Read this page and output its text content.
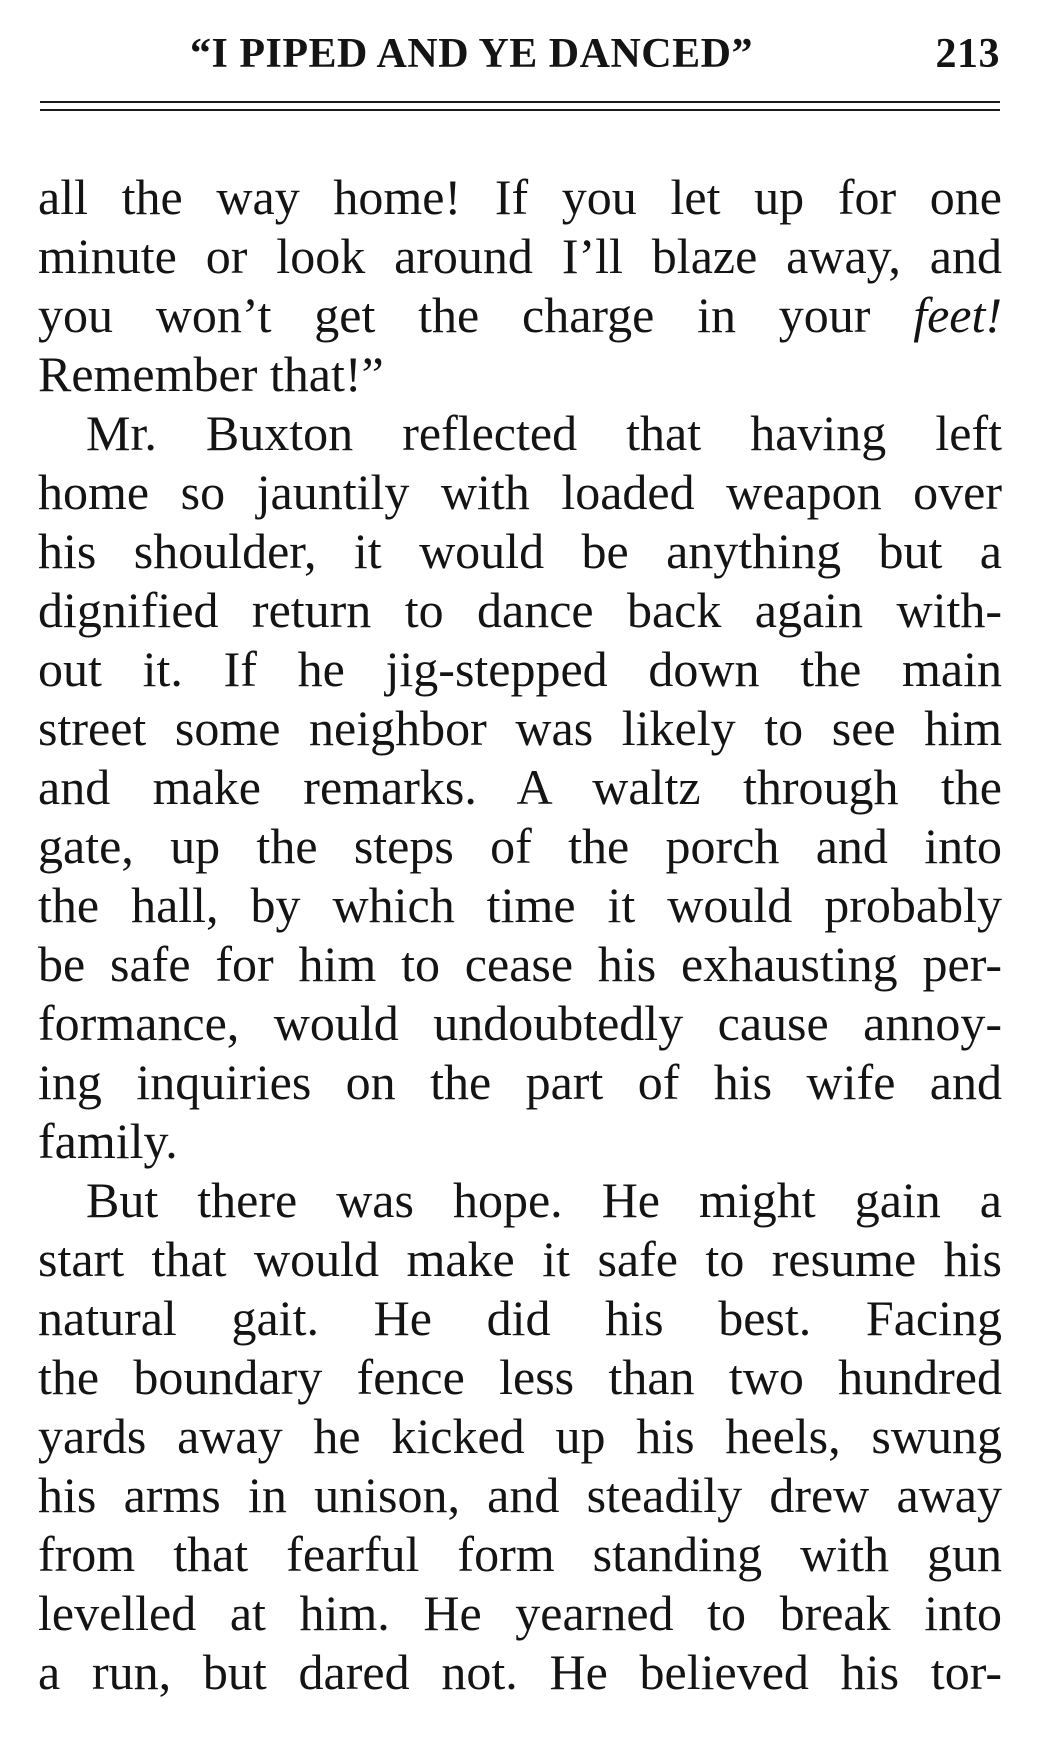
“I PIPED AND YE DANCED”	213
all the way home! If you let up for one
minute or look around I’ll blaze away, and
you won’t get the charge in your feet!
Remember that!”
Mr. Buxton reflected that having left
home so jauntily with loaded weapon over
his shoulder, it would be anything but a
dignified return to dance back again with-
out it. If he jig-stepped down the main
street some neighbor was likely to see him
and make remarks. A waltz through the
gate, up the steps of the porch and into
the hall, by which time it would probably
be safe for him to cease his exhausting per-
formance, would undoubtedly cause annoy-
ing inquiries on the part of his wife and
family.
But there was hope. He might gain a
start that would make it safe to resume his
natural gait. He did his best. Facing
the boundary fence less than two hundred
yards away he kicked up his heels, swung
his arms in unison, and steadily drew away
from that fearful form standing with gun
levelled at him. He yearned to break into
a run, but dared not. He believed his tor-
